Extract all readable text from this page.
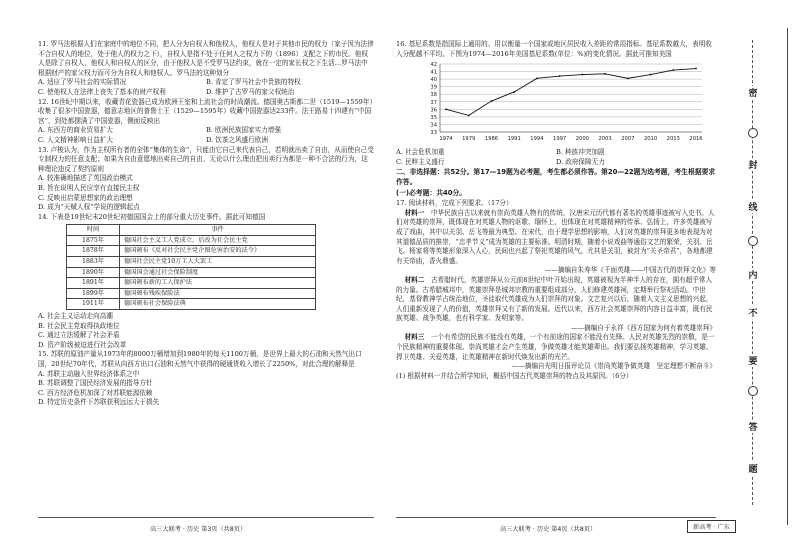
11. 罗马法根据人们在家庭中的地位不同，把人分为自权人和他权人，他权人是对于其他市民的权力（家子因为法律不合自权人的地位，处于他人的权力之下），自权人是指不处于任何人之权力下的（1896）支配之下的市民。他权人是除了自权人，他权人和自权人的区分，由于他权人是不受罗马法约束，就在一定的家长权之下生活…罗马法中根据财产的家父权力而可分为自权人和他权人。罗马法的这种划分
A. 适应了罗马社会的实际情况	B. 肯定了罗马社会中贵族的特权
C. 使他权人在法律上丧失了基本的财产权利	D. 维护了古罗马的家父权统治
12. 16世纪中期以来，收藏青花瓷器已成为欧洲王室和上流社会的时尚潮流。德国奥古斯都二世（1519—1559年）收集了很多中国瓷器，德意志地区的普鲁士王（1529—1595年）收藏中国瓷器达233件。法王路易十四建有“中国宫”，到处都摆满了中国瓷器，侧面反映出
A. 东西方的商业贸易扩大	B. 欧洲民族国家实力增强
C. 人文精神影响日益扩大	D. 饮茶之风盛行欧洲
13. 卢梭认为，作为主权所有者的全体“集体的生命”，只能由它自己来代表自己，若明就出卖了自由，从而使自己受专制权力的任意支配；如果为自由意愿地出卖自己的自由，无论以什么理由把出卖行为都是一种不合法的行为，这种理论违反了契约原则
A. 较准确地描述了英国政治模式
B. 旨在说明人民应享有直接民主权
C. 反映出启蒙思想家的政治理想
D. 成为“天赋人权”学说的逻辑起点
14. 下表是19世纪末20世纪初德国国会上的部分重大历史事件。据此可知德国
时间	事件
1875年	德国社会主义工人党成立，后改为社会民主党
1878年	德国颁布《反对社会民主党企图危害治安的法令》
1883年	德国社会民主党10万工人大罢工
1890年	德国国会通过社会保险制度
1891年	德国颁布新的工人保护法
1899年	德国颁布残疾保险法
1911年	德国颁布社会保险法典
A. 社会主义运动走向高潮
B. 社会民主党取得执政地位
C. 通过立法缓解了社会矛盾
D. 资产阶级被迫进行社会改革
15. 苏联的原油产量从1973年的8000万桶增加到1980年的每天1100万桶，是世界上最大的石油和天然气出口国，20世纪70年代，苏联从向西方出口石油和天然气中获得的硬通货收入增长了2250%，对此合理的解释是
A. 苏联主动融入世界经济体系之中
B. 苏联调整了国民经济发展的指导方针
C. 西方经济危机加深了对苏联能源依赖
D. 特定历史条件下苏联获利远远大于损失
16. 基尼系数是指国际上通用的、用以衡量一个国家或地区居民收入差距的常用指标。基尼系数越大，表明收入分配越不平均。下图为1974—2016年美国基尼系数(单位：%)的变化情况。据此可推知美国
42
41
40
39
38
37
36
35
34
33
1974 1979 1986 1991 1994 1997 2000 2003 2007 2010 2013 2016
A. 社会危机加重	B. 种族冲突加剧
C. 民粹主义盛行	D. 政府保障无力
二、非选择题：共52分。第17—19题为必考题，考生都必须作答。第20—22题为选考题，考生根据要求作答。
(一)必考题：共40分。
17. 阅读材料，完成下列要求。（17分）

材料一　 中华民族自古以来就有崇尚英雄人物有的传统，汉唐宋元历代都有著名的英雄事迹被写入史书。人们对英雄的崇拜，既体现在对英雄人物的讴歌、缅怀上，也体现在对英雄精神的传承、弘扬上，许多英雄被写成了戏曲，其中以关羽、岳飞等最为典型。在宋代，由于理学思想的影响，人们对英雄的崇拜更多地表现为对其道德品质的推崇，“忠孝节义”成为英雄的主要标准。明清时期，随着小说戏曲等通俗文艺的繁荣，关羽、岳飞、杨家将等英雄形象深入人心，民间也兴起了祭祀英雄的风气。尤其是关羽，被封为“关圣帝君”，各地都建有关帝庙，香火鼎盛。

——摘编自朱寿华《千面英雄——中国古代的崇拜文化》等

材料二　 古希腊时代，英雄崇拜从公元前8世纪中叶开始出现，英雄被视为半神半人的存在，拥有超乎常人的力量。古希腊城邦中，英雄崇拜是城邦宗教的重要组成部分，人们修建英雄祠，定期举行祭祀活动。中世纪，基督教神学占统治地位，圣徒取代英雄成为人们崇拜的对象。文艺复兴以后，随着人文主义思想的兴起，人们重新发现了人的价值，英雄崇拜又有了新的发展。近代以来，西方社会英雄崇拜的内容日益丰富，既有民族英雄、战争英雄，也有科学家、发明家等。

——摘编自于永祥《西方国家为何有着英雄崇拜》

材料三　 一个有希望的民族不能没有英雄，一个有前途的国家不能没有先锋。人民对英雄先烈的崇敬，是一个民族精神的重要体现。崇尚英雄才会产生英雄，争做英雄才能英雄辈出。我们要弘扬英雄精神，学习英雄、捍卫英雄、关爱英雄，让英雄精神在新时代焕发出新的光芒。

——摘编自光明日报评论员《崇尚英雄争做英雄　坚定理想不断奋斗》

(1) 根据材料一并结合所学知识，概括中国古代英雄崇拜的特点及其原因。（6分）

高三大联考 · 历史 第3页（共8页）	高三大联考 · 历史 第4页（共8页）	新高考 · 广东
密
封
线
内
不
要
答
题
